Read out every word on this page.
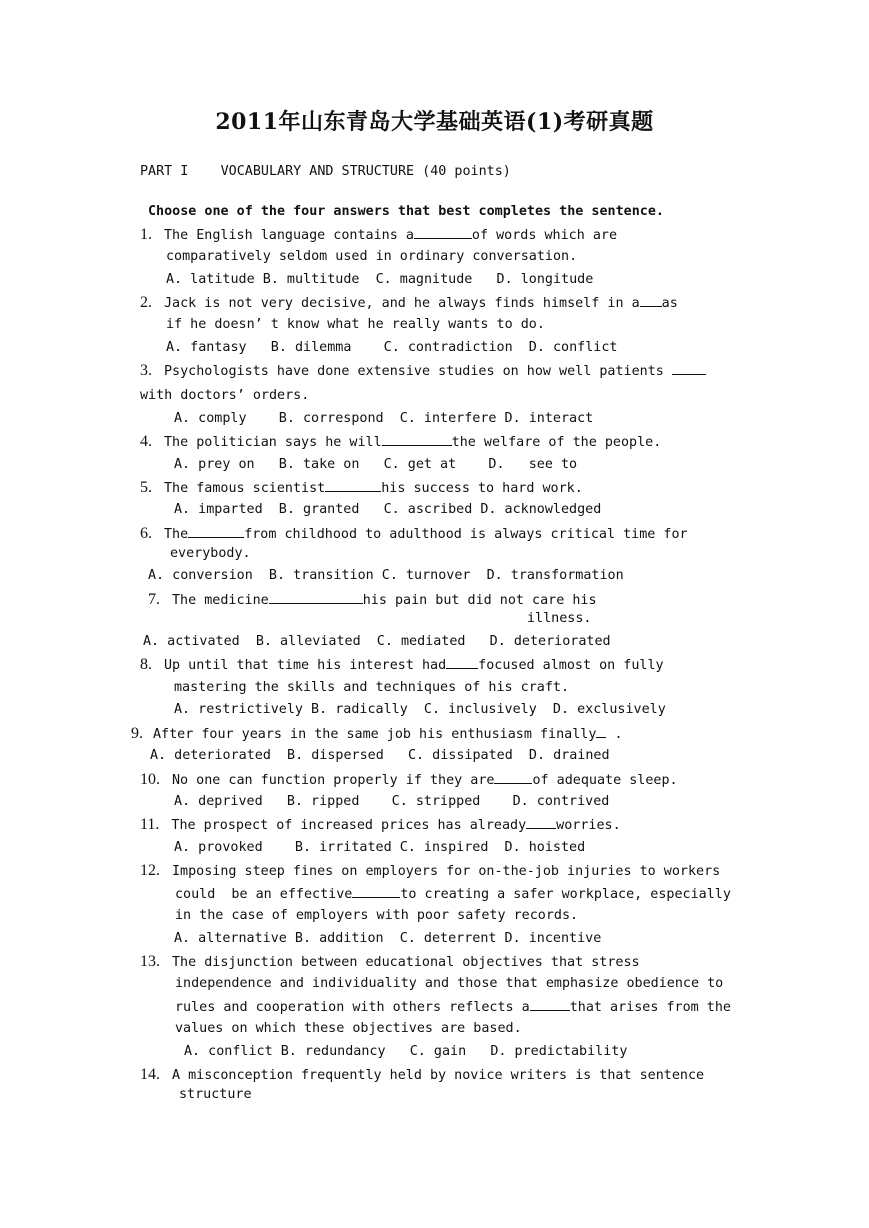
2011年山东青岛大学基础英语(1)考研真题
PART I VOCABULARY AND STRUCTURE (40 points)
Choose one of the four answers that best completes the sentence.
1. The English language contains a	of words which are
comparatively seldom used in ordinary conversation.
A. latitude B. multitude  C. magnitude   D. longitude
2. Jack is not very decisive, and he always finds himself in a as
if he doesn’ t know what he really wants to do.
A. fantasy   B. dilemma    C. contradiction  D. conflict
3. Psychologists have done extensive studies on how well patients
with doctors’ orders.
A. comply    B. correspond  C. interfere D. interact
4. The politician says he will	the welfare of the people.
A. prey on   B. take on   C. get at    D.   see to
5. The famous scientist	his success to hard work.
A. imparted  B. granted   C. ascribed D. acknowledged
6. The	from childhood to adulthood is always critical time for
everybody.
A. conversion  B. transition C. turnover  D. transformation
7. The medicine	his pain but did not care his
illness.
A. activated  B. alleviated  C. mediated   D. deteriorated
8. Up until that time his interest had focused almost on fully
mastering the skills and techniques of his craft.
A. restrictively B. radically  C. inclusively  D. exclusively
9. After four years in the same job his enthusiasm finally .
A. deteriorated  B. dispersed   C. dissipated  D. drained
10. No one can function properly if they are	of adequate sleep.
A. deprived   B. ripped    C. stripped    D. contrived
11. The prospect of increased prices has already worries.
A. provoked    B. irritated C. inspired  D. hoisted
12. Imposing steep fines on employers for on-the-job injuries to workers
could  be an effective	to creating a safer workplace, especially
in the case of employers with poor safety records.
A. alternative B. addition  C. deterrent D. incentive
13. The disjunction between educational objectives that stress
independence and individuality and those that emphasize obedience to
rules and cooperation with others reflects a	that arises from the
values on which these objectives are based.
A. conflict B. redundancy   C. gain   D. predictability
14. A misconception frequently held by novice writers is that sentence
structure
